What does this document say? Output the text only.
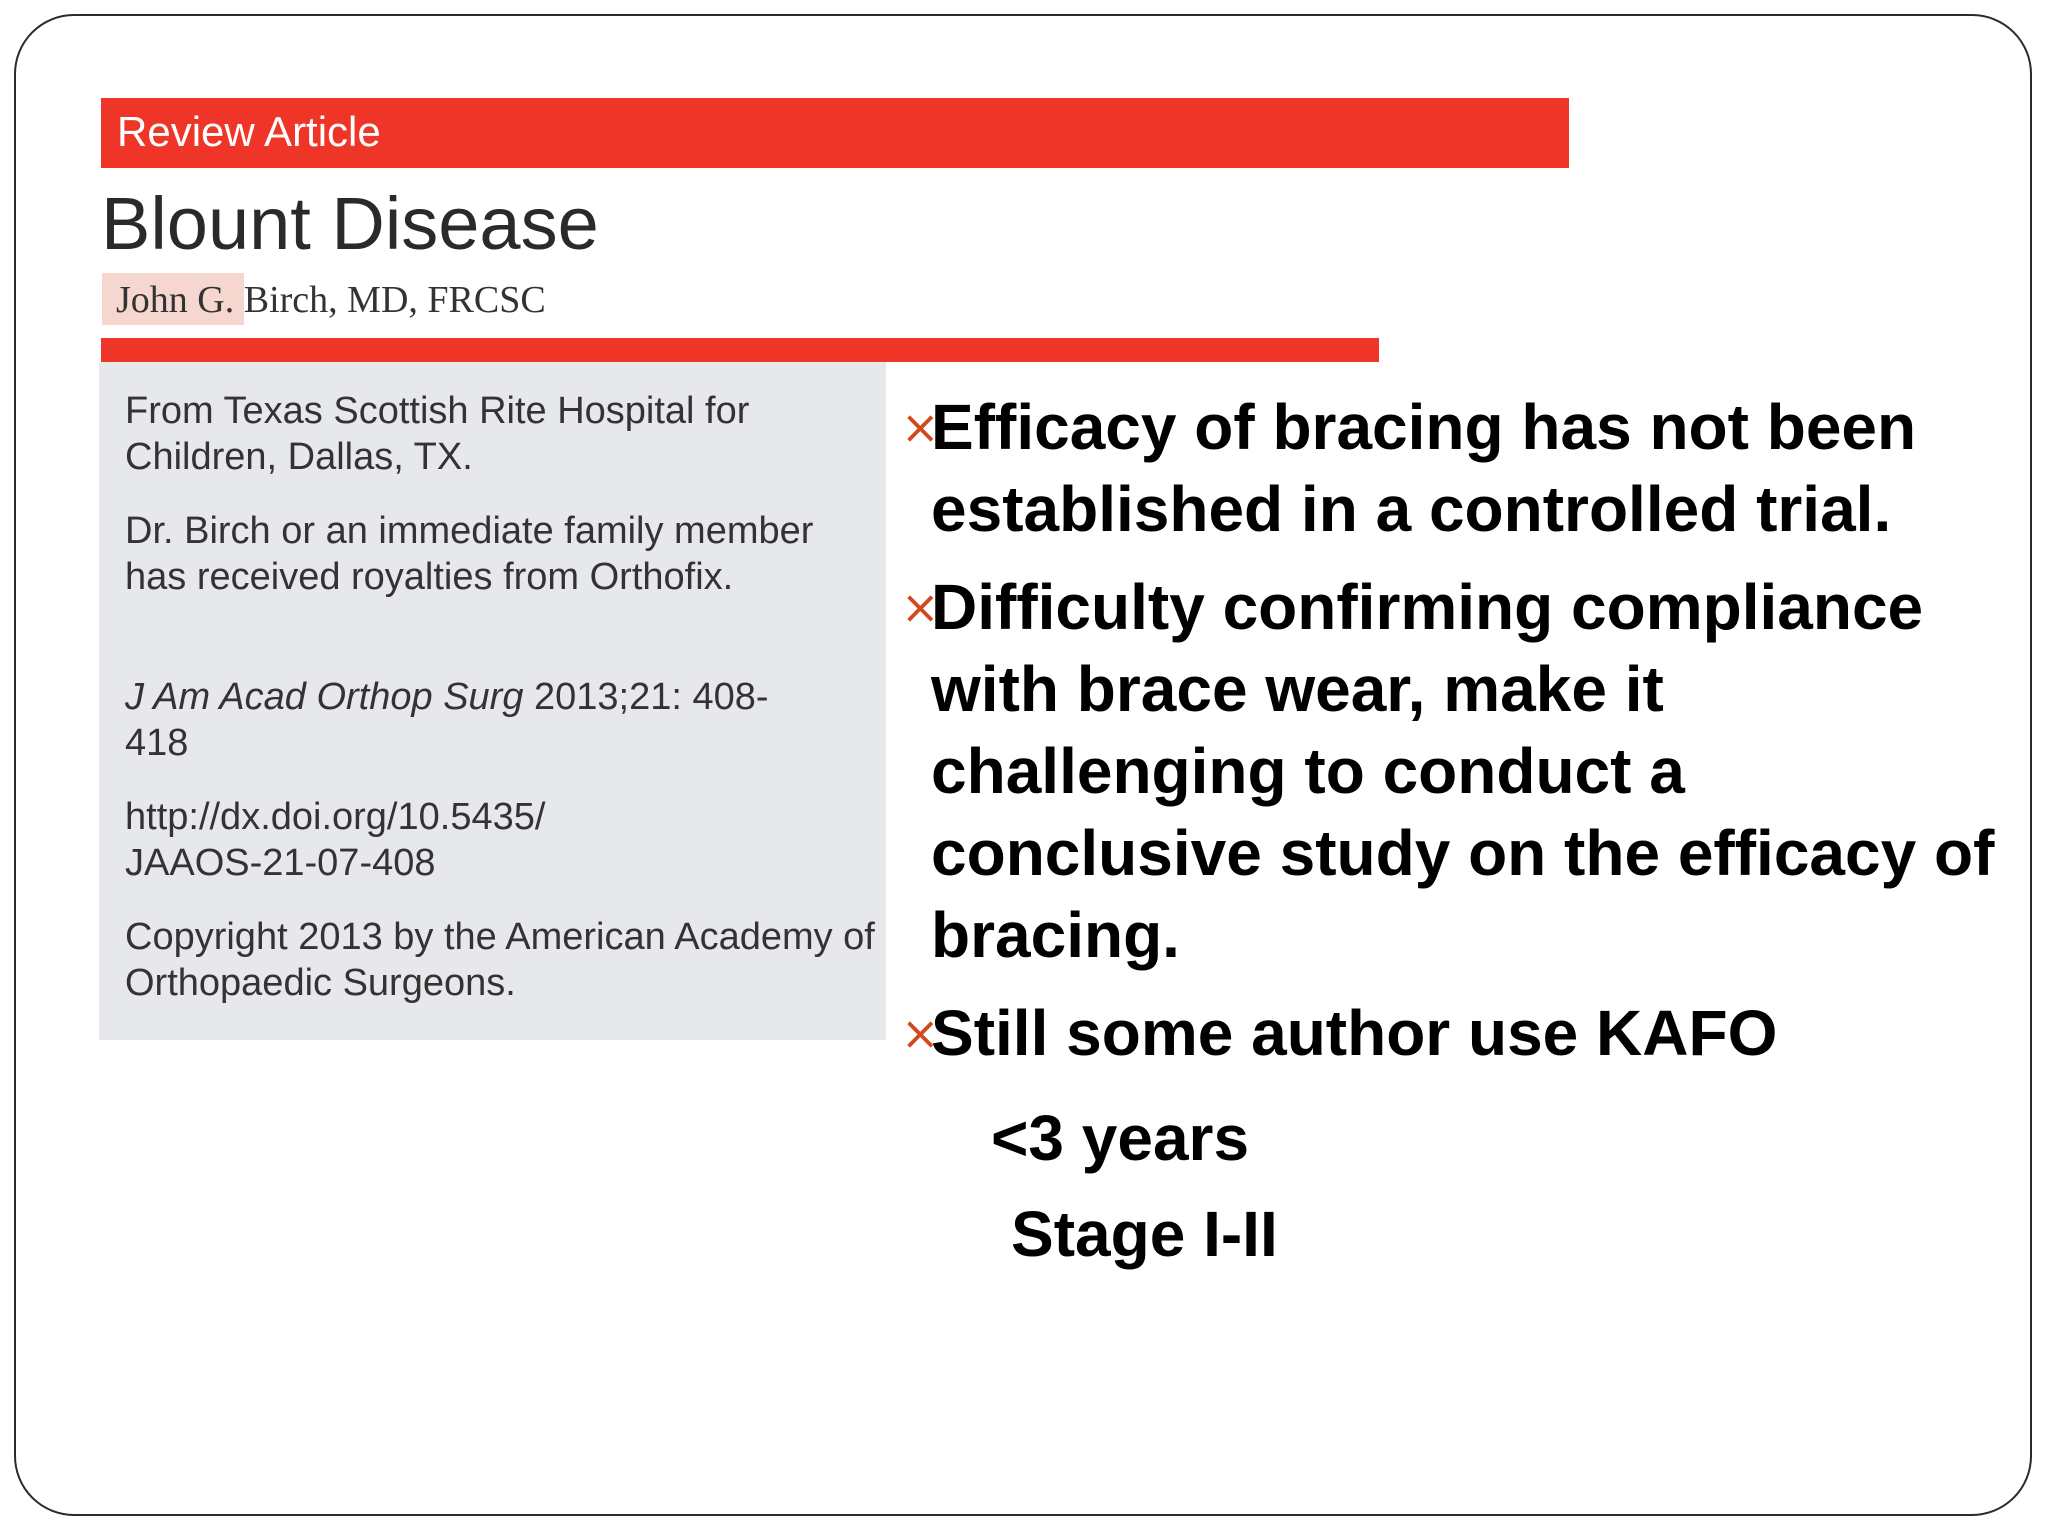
Review Article
Blount Disease
John G. Birch, MD, FRCSC

From Texas Scottish Rite Hospital for Children, Dallas, TX.

Dr. Birch or an immediate family member has received royalties from Orthofix.

J Am Acad Orthop Surg 2013;21: 408-418

http://dx.doi.org/10.5435/ JAAOS-21-07-408

Copyright 2013 by the American Academy of Orthopaedic Surgeons.

×
Efficacy of bracing has not been established in a controlled trial.
×
Difficulty confirming compliance with brace wear, make it challenging to conduct a conclusive study on the efficacy of bracing.
×
Still some author use KAFO
<3 years
Stage I-II
